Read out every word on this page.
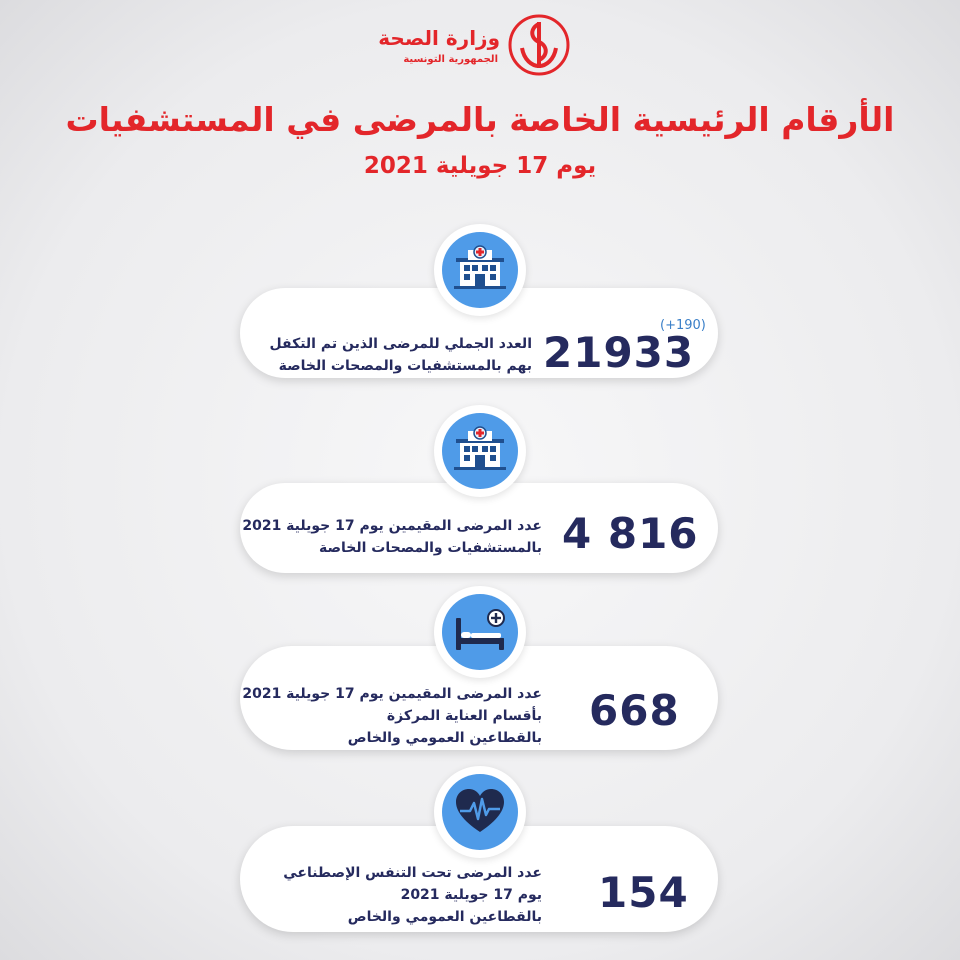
وزارة الصحة
الجمهورية التونسية
الأرقام الرئيسية الخاصة بالمرضى في المستشفيات
يوم 17 جويلية 2021
21933
(+190)
العدد الجملي للمرضى الذين تم التكفل
بهم بالمستشفيات والمصحات الخاصة
4 816
عدد المرضى المقيمين يوم 17 جويلية 2021
بالمستشفيات والمصحات الخاصة
668
عدد المرضى المقيمين يوم 17 جويلية 2021
بأقسام العناية المركزة
بالقطاعين العمومي والخاص
154
عدد المرضى تحت التنفس الإصطناعي
يوم 17 جويلية 2021
بالقطاعين العمومي والخاص
